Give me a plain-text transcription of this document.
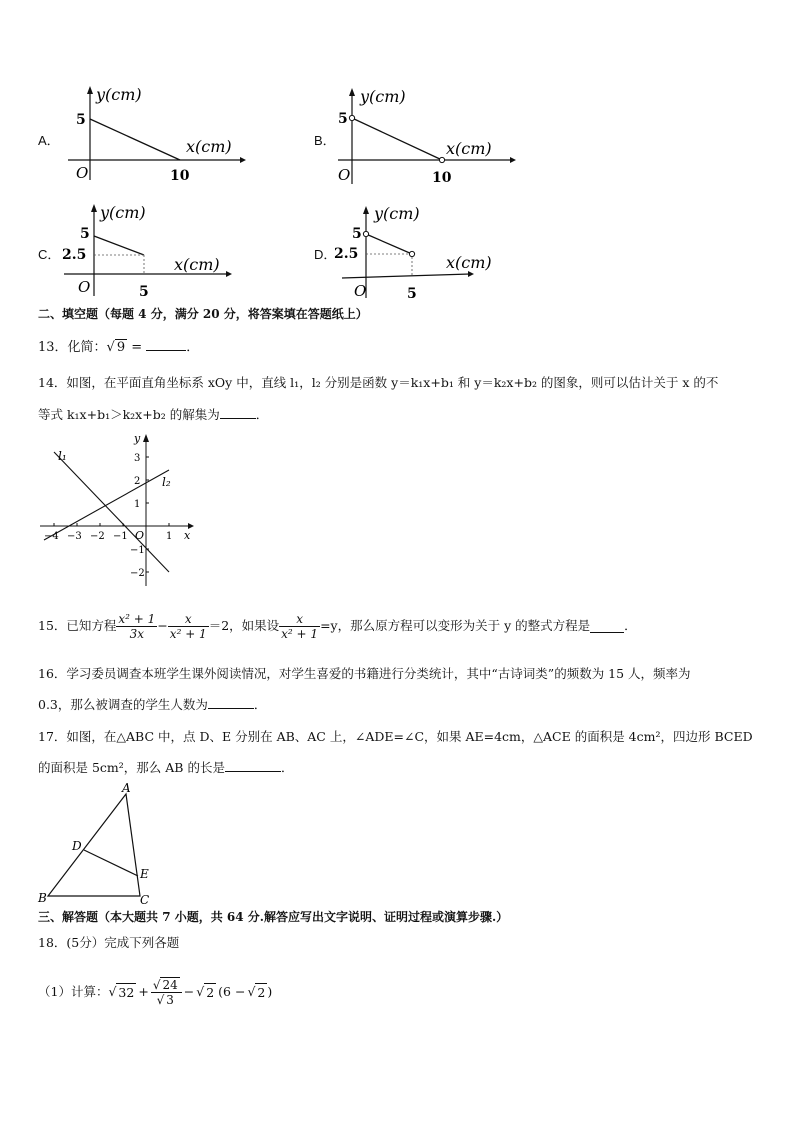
A．
y(cm)
x(cm)
5
10
O
B．
y(cm)
x(cm)
5
10
O
C．
y(cm)
x(cm)
5
2.5
5
O
D．
y(cm)
x(cm)
5
2.5
5
O
二、填空题（每题 4 分，满分 20 分，将答案填在答题纸上）
13．化简：√ 9 =	．
14．如图，在平面直角坐标系 xOy 中，直线 l₁，l₂ 分别是函数 y＝k₁x+b₁ 和 y＝k₂x+b₂ 的图象，则可以估计关于 x 的不
等式 k₁x+b₁＞k₂x+b₂ 的解集为	．
l₁
l₂
x
y
O
−4 −3 −2 −1	1
3
2
1
−1
−2
15．已知方程 $\frac{\text{x² + 1}}{3x} - \frac{x}{\text{x² + 1}} =2$，如果设 $\frac{x}{\text{x² + 1}} =y$，那么原方程可以变形为关于 y 的整式方程是	．
16．学习委员调查本班学生课外阅读情况，对学生喜爱的书籍进行分类统计，其中“古诗词类”的频数为 15 人，频率为
0.3，那么被调查的学生人数为	．
17．如图，在△ABC 中，点 D、E 分别在 AB、AC 上，∠ADE=∠C，如果 AE=4cm，△ACE 的面积是 4cm²，四边形 BCED
的面积是 5cm²，那么 AB 的长是	．
A
B	C
D
E
三、解答题（本大题共 7 小题，共 64 分.解答应写出文字说明、证明过程或演算步骤.）
18．(5分）完成下列各题
（1）计算： √ $32 + \frac{√ 24}{√ 3}$ − √ 2 (6 − √ 2 )
